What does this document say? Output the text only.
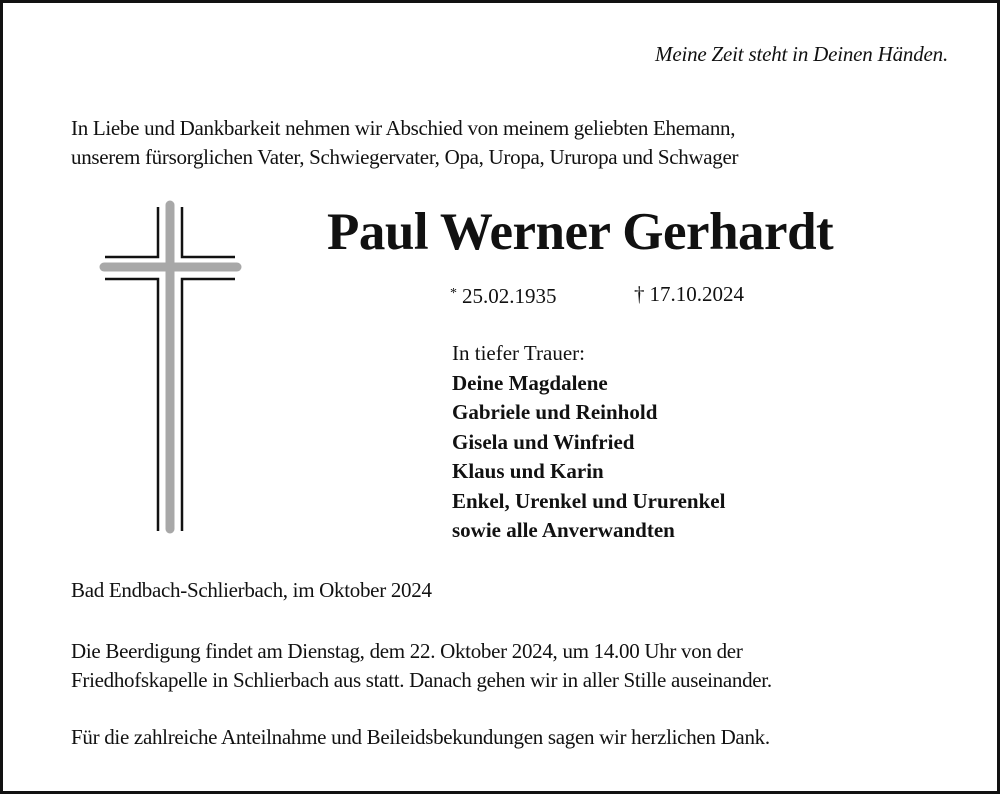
Meine Zeit steht in Deinen Händen.
In Liebe und Dankbarkeit nehmen wir Abschied von meinem geliebten Ehemann,
unserem fürsorglichen Vater, Schwiegervater, Opa, Uropa, Ururopa und Schwager
Paul Werner Gerhardt
* 25.02.1935	† 17.10.2024
In tiefer Trauer:
Deine Magdalene
Gabriele und Reinhold
Gisela und Winfried
Klaus und Karin
Enkel, Urenkel und Ururenkel
sowie alle Anverwandten
Bad Endbach-Schlierbach, im Oktober 2024
Die Beerdigung findet am Dienstag, dem 22. Oktober 2024, um 14.00 Uhr von der
Friedhofskapelle in Schlierbach aus statt. Danach gehen wir in aller Stille auseinander.
Für die zahlreiche Anteilnahme und Beileidsbekundungen sagen wir herzlichen Dank.
